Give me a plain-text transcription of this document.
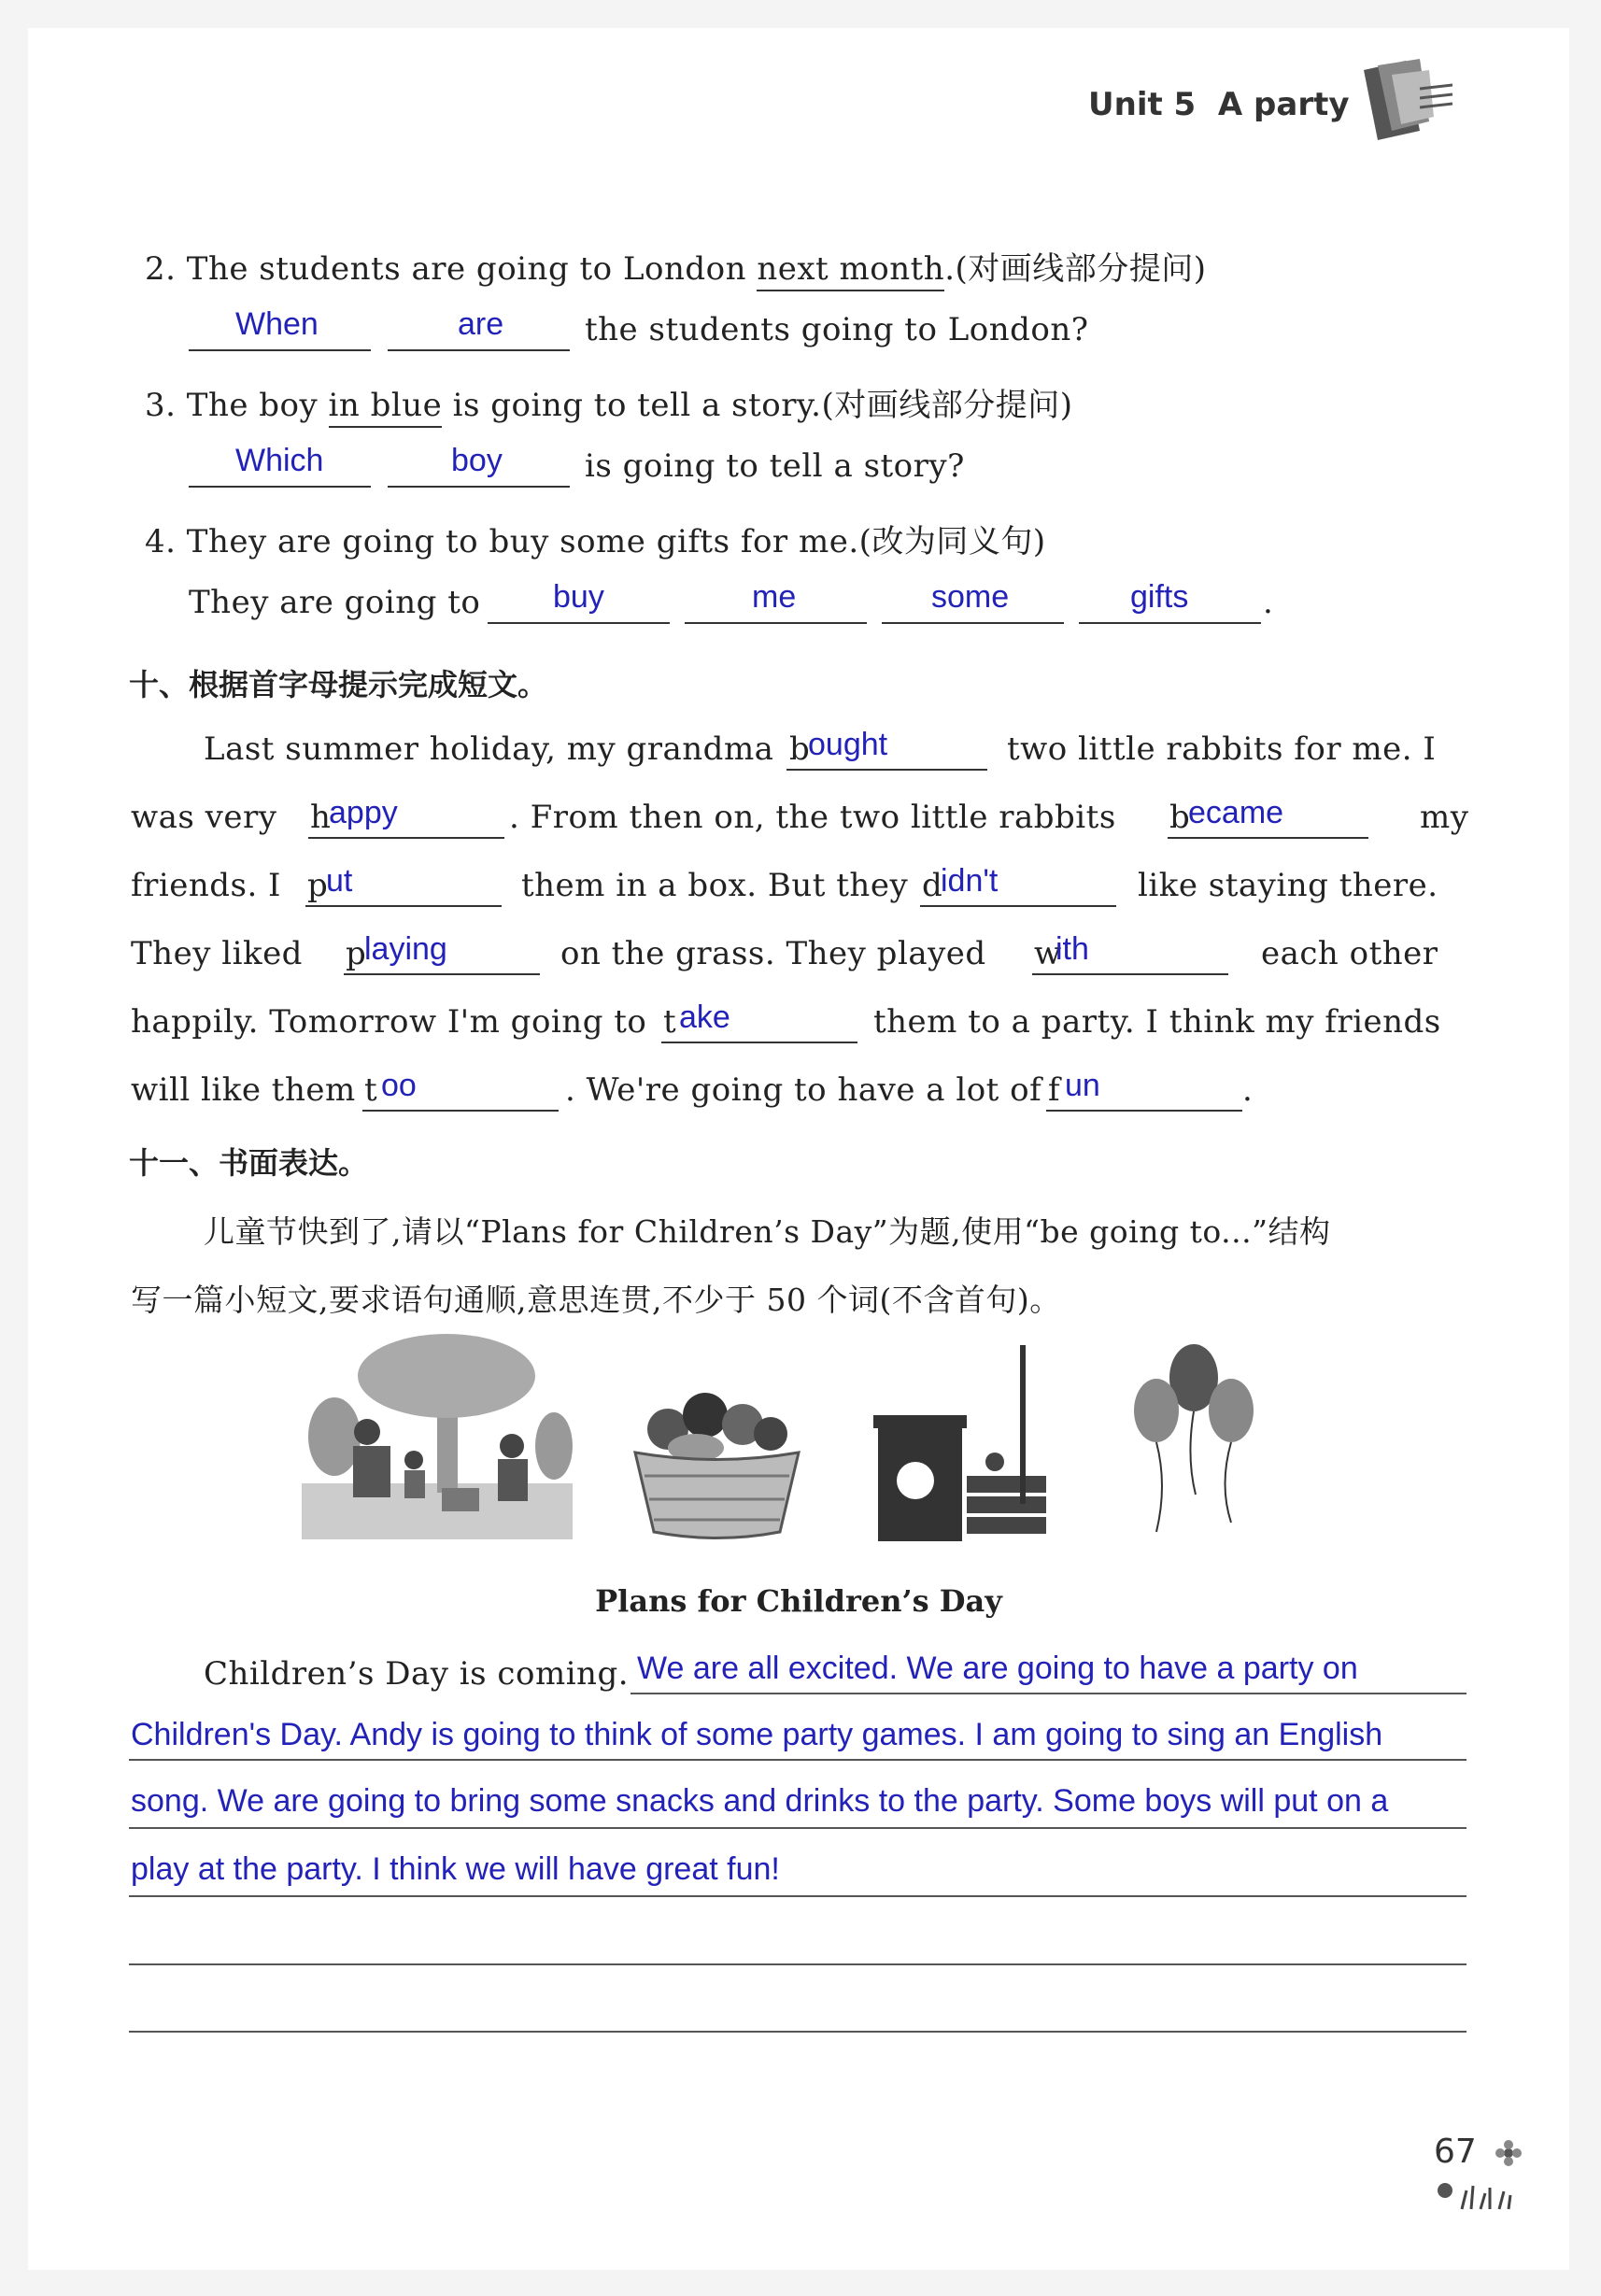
Unit 5 A party
2. The students are going to London next month.(对画线部分提问)
When	are	the students going to London?
3. The boy in blue is going to tell a story.(对画线部分提问)
Which	boy	is going to tell a story?
4. They are going to buy some gifts for me.(改为同义句)
They are going to buy	me	some	gifts .
十、根据首字母提示完成短文。
Last summer holiday, my grandma b
ought	two little rabbits for me. I
was very h
appy	. From then on, the two little rabbits b
ecame	my
friends. I p
ut	them in a box. But they d
idn't	like staying there.
They liked p
laying	on the grass. They played w
ith	each other
happily. Tomorrow I'm going to t ake	them to a party. I think my friends
will like them t oo	. We're going to have a lot of f un	.
十一、书面表达。
儿童节快到了,请以“Plans for Children’s Day”为题,使用“be going to...”结构
写一篇小短文,要求语句通顺,意思连贯,不少于 50 个词(不含首句)。
Plans for Children’s Day
Children’s Day is coming. We are all excited. We are going to have a party on
Children's Day. Andy is going to think of some party games. I am going to sing an English
song. We are going to bring some snacks and drinks to the party. Some boys will put on a
play at the party. I think we will have great fun!
67
